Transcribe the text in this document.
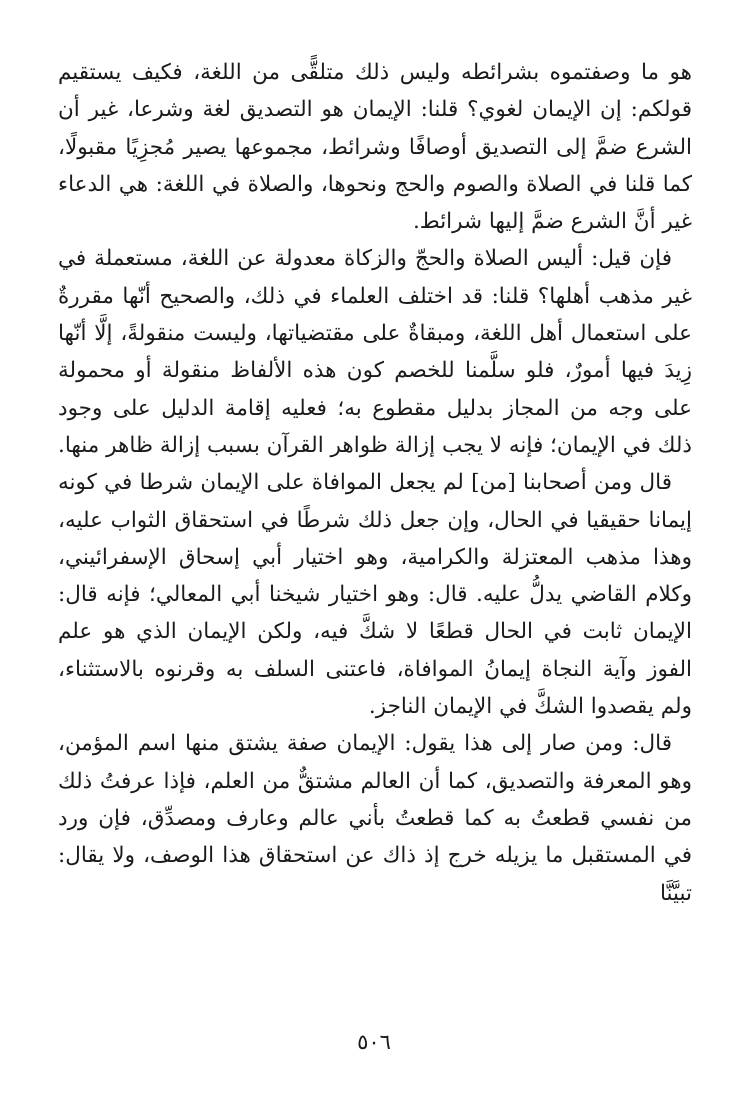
هو ما وصفتموه بشرائطه وليس ذلك متلقًّى من اللغة، فكيف يستقيم قولكم: إن الإيمان لغوي؟ قلنا: الإيمان هو التصديق لغة وشرعا، غير أن الشرع ضمَّ إلى التصديق أوصافًا وشرائط، مجموعها يصير مُجزِيًا مقبولًا، كما قلنا في الصلاة والصوم والحج ونحوها، والصلاة في اللغة: هي الدعاء غير أنَّ الشرع ضمَّ إليها شرائط.

فإن قيل: أليس الصلاة والحجّ والزكاة معدولة عن اللغة، مستعملة في غير مذهب أهلها؟ قلنا: قد اختلف العلماء في ذلك، والصحيح أنّها مقررةٌ على استعمال أهل اللغة، ومبقاةٌ على مقتضياتها، وليست منقولةً، إلَّا أنّها زِيدَ فيها أمورٌ، فلو سلَّمنا للخصم كون هذه الألفاظ منقولة أو محمولة على وجه من المجاز بدليل مقطوع به؛ فعليه إقامة الدليل على وجود ذلك في الإيمان؛ فإنه لا يجب إزالة ظواهر القرآن بسبب إزالة ظاهر منها.

قال ومن أصحابنا [من] لم يجعل الموافاة على الإيمان شرطا في كونه إيمانا حقيقيا في الحال، وإن جعل ذلك شرطًا في استحقاق الثواب عليه، وهذا مذهب المعتزلة والكرامية، وهو اختيار أبي إسحاق الإسفرائيني، وكلام القاضي يدلُّ عليه. قال: وهو اختيار شيخنا أبي المعالي؛ فإنه قال: الإيمان ثابت في الحال قطعًا لا شكَّ فيه، ولكن الإيمان الذي هو علم الفوز وآية النجاة إيمانُ الموافاة، فاعتنى السلف به وقرنوه بالاستثناء، ولم يقصدوا الشكَّ في الإيمان الناجز.

قال: ومن صار إلى هذا يقول: الإيمان صفة يشتق منها اسم المؤمن، وهو المعرفة والتصديق، كما أن العالم مشتقٌّ من العلم، فإذا عرفتُ ذلك من نفسي قطعتُ به كما قطعتُ بأني عالم وعارف ومصدِّق، فإن ورد في المستقبل ما يزيله خرج إذ ذاك عن استحقاق هذا الوصف، ولا يقال: تبيَّنَّا

٥٠٦
